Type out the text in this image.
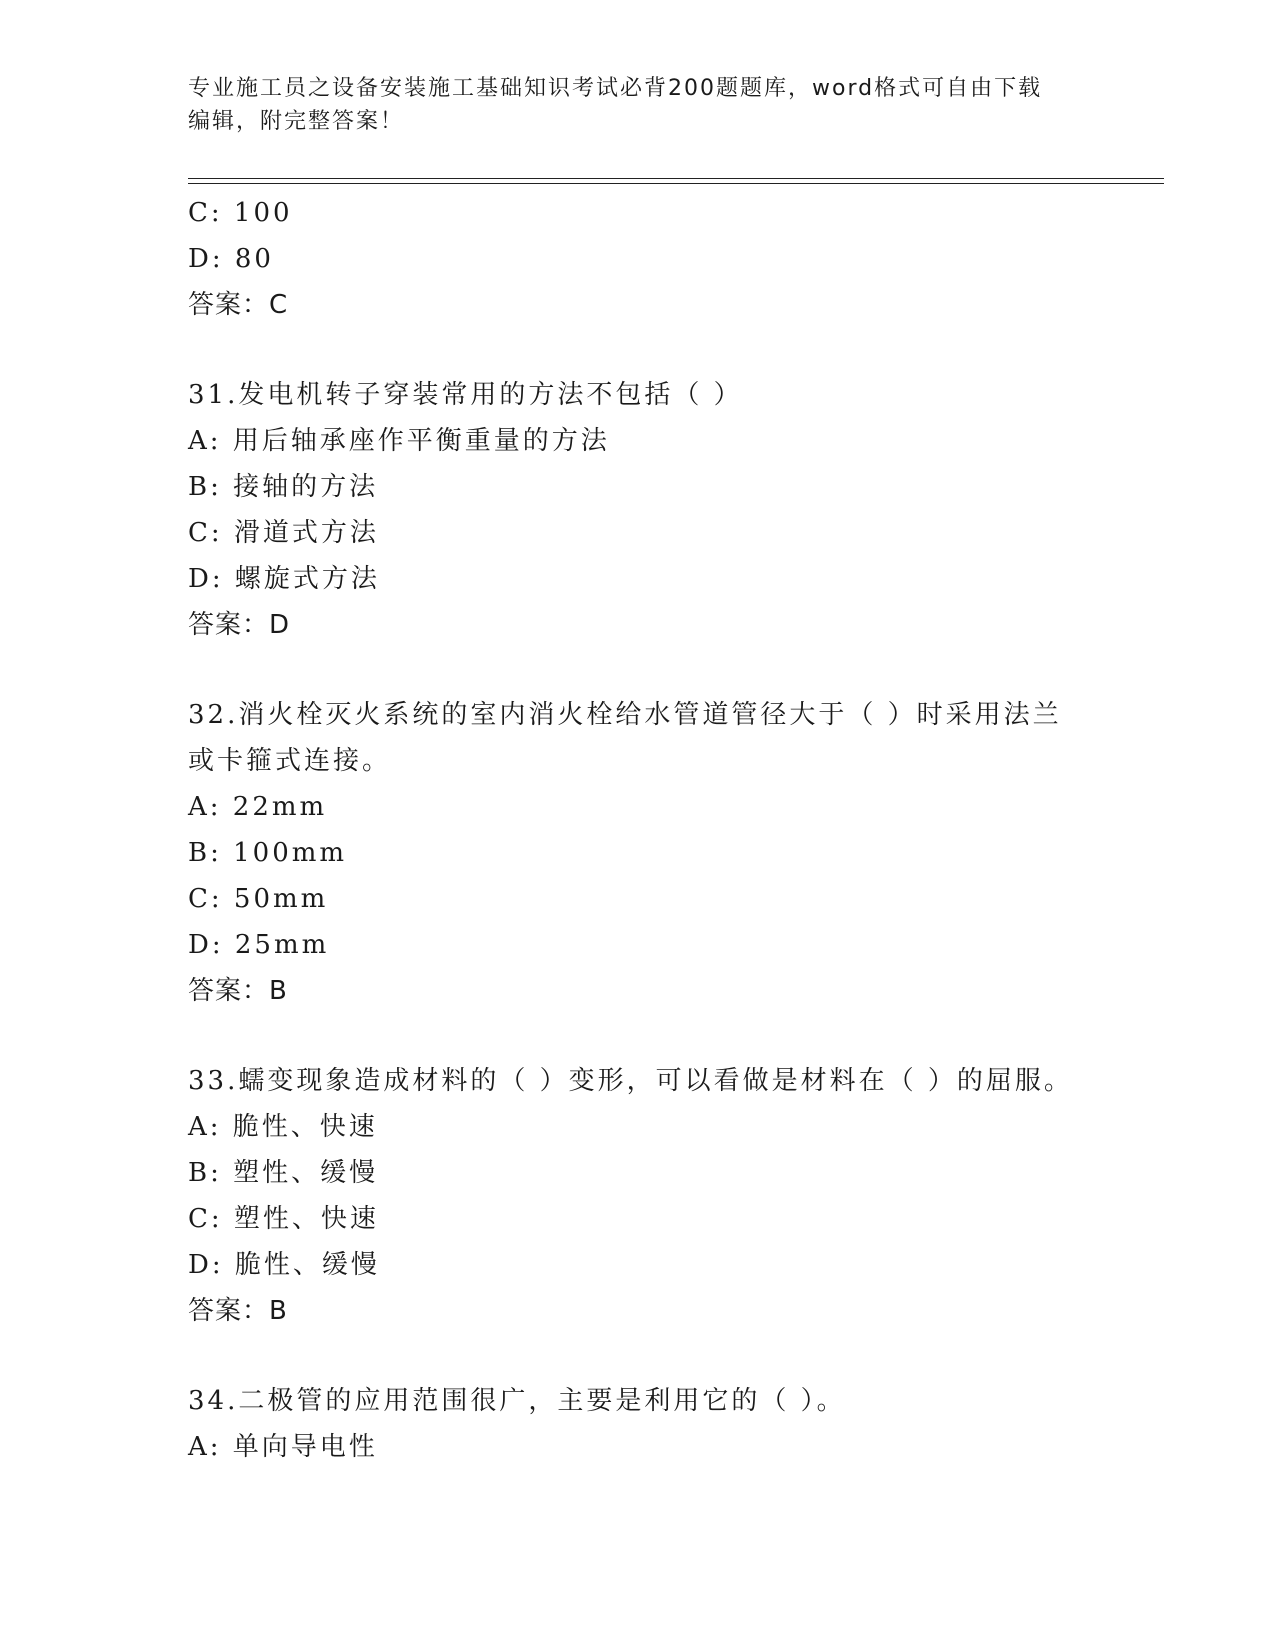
专业施工员之设备安装施工基础知识考试必背200题题库，word格式可自由下载
编辑，附完整答案！
C: 100
D: 80
答案：C
31.发电机转子穿装常用的方法不包括（ ）
A: 用后轴承座作平衡重量的方法
B: 接轴的方法
C: 滑道式方法
D: 螺旋式方法
答案：D
32.消火栓灭火系统的室内消火栓给水管道管径大于（ ）时采用法兰
或卡箍式连接。
A: 22mm
B: 100mm
C: 50mm
D: 25mm
答案：B
33.蠕变现象造成材料的（ ）变形，可以看做是材料在（ ）的屈服。
A: 脆性、快速
B: 塑性、缓慢
C: 塑性、快速
D: 脆性、缓慢
答案：B
34.二极管的应用范围很广，主要是利用它的（ ）。
A: 单向导电性
